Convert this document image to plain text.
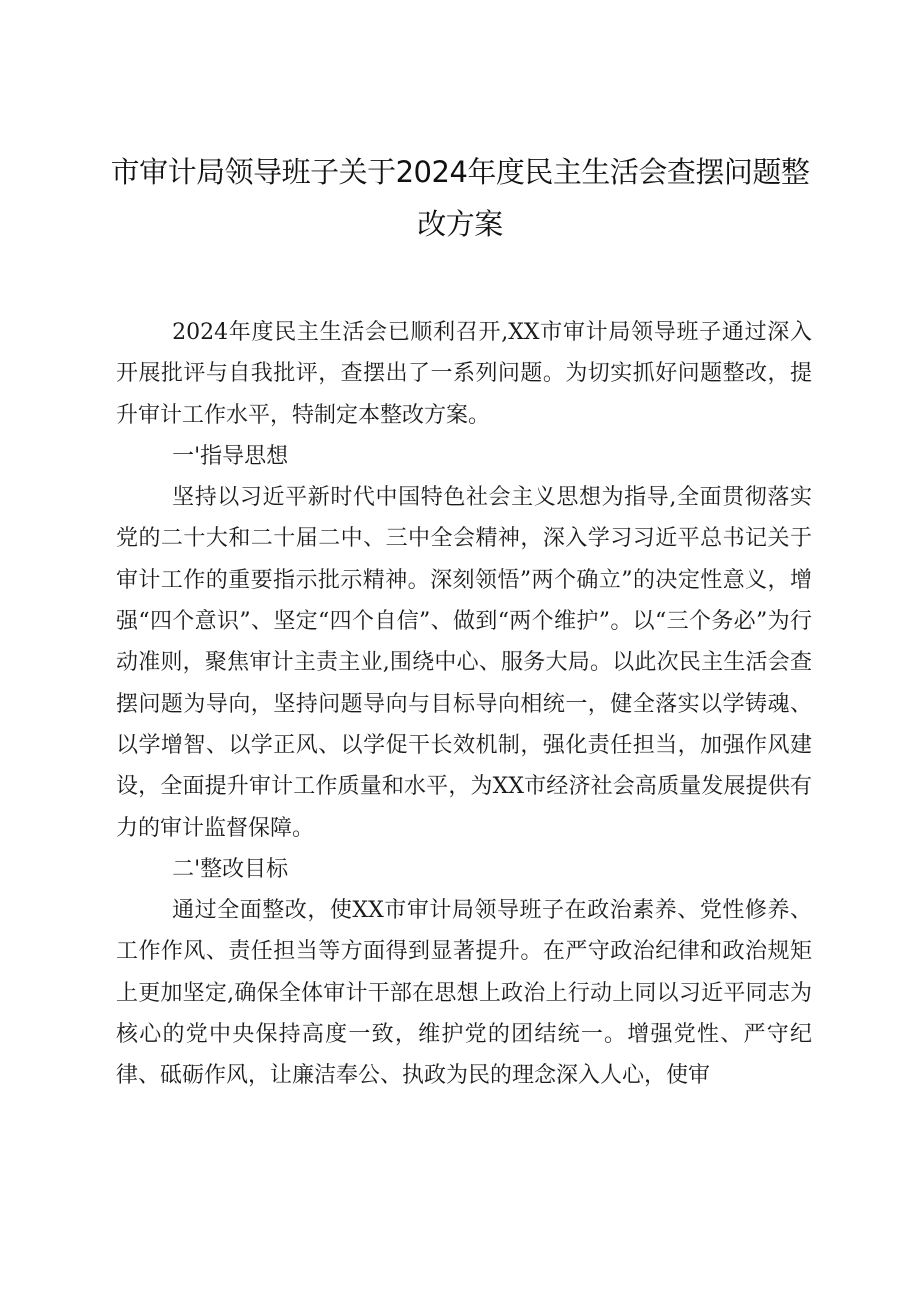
市审计局领导班子关于2024年度民主生活会查摆问题整改方案

2024年度民主生活会已顺利召开,XX市审计局领导班子通过深入开展批评与自我批评，查摆出了一系列问题。为切实抓好问题整改，提升审计工作水平，特制定本整改方案。

一'指导思想

坚持以习近平新时代中国特色社会主义思想为指导,全面贯彻落实党的二十大和二十届二中、三中全会精神，深入学习习近平总书记关于审计工作的重要指示批示精神。深刻领悟”两个确立”的决定性意义，增强“四个意识”、坚定“四个自信”、做到“两个维护”。以“三个务必”为行动准则，聚焦审计主责主业,围绕中心、服务大局。以此次民主生活会查摆问题为导向，坚持问题导向与目标导向相统一，健全落实以学铸魂、以学增智、以学正风、以学促干长效机制，强化责任担当，加强作风建设，全面提升审计工作质量和水平，为XX市经济社会高质量发展提供有力的审计监督保障。

二'整改目标

通过全面整改，使XX市审计局领导班子在政治素养、党性修养、工作作风、责任担当等方面得到显著提升。在严守政治纪律和政治规矩上更加坚定,确保全体审计干部在思想上政治上行动上同以习近平同志为核心的党中央保持高度一致，维护党的团结统一。增强党性、严守纪律、砥砺作风，让廉洁奉公、执政为民的理念深入人心，使审
